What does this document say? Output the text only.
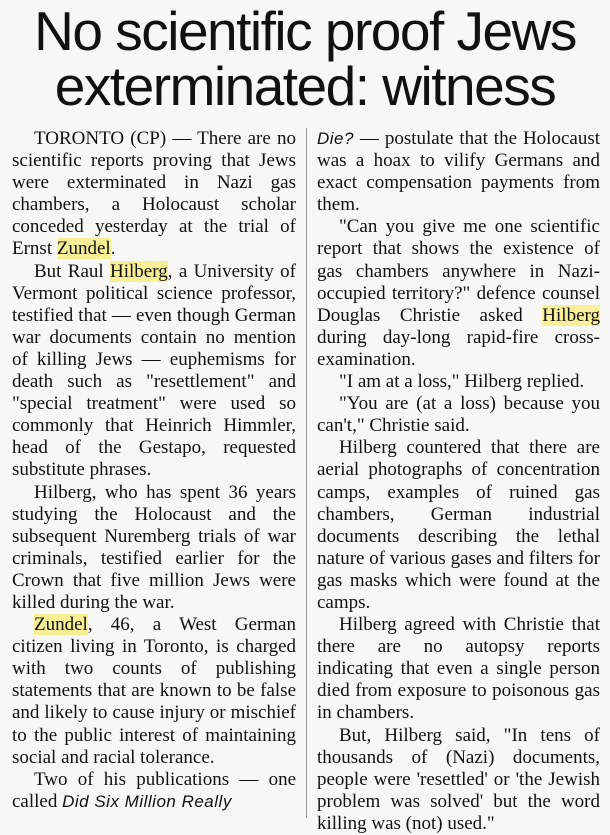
No scientific proof Jews
exterminated: witness

TORONTO (CP) — There are no scientific reports proving that Jews were exterminated in Nazi gas chambers, a Holocaust scholar conceded yesterday at the trial of Ernst Zundel.

But Raul Hilberg, a University of Vermont political science professor, testified that — even though German war documents contain no mention of killing Jews — euphemisms for death such as "resettlement" and "special treatment" were used so commonly that Heinrich Himmler, head of the Gestapo, requested substitute phrases.

Hilberg, who has spent 36 years studying the Holocaust and the subsequent Nuremberg trials of war criminals, testified earlier for the Crown that five million Jews were killed during the war.

Zundel, 46, a West German citizen living in Toronto, is charged with two counts of publishing statements that are known to be false and likely to cause injury or mischief to the public interest of maintaining social and racial tolerance.

Two of his publications — one called Did Six Million Really

Die? — postulate that the Holocaust was a hoax to vilify Germans and exact compensation payments from them.

"Can you give me one scientific report that shows the existence of gas chambers anywhere in Nazi-occupied territory?" defence counsel Douglas Christie asked Hilberg during day-long rapid-fire cross-examination.

"I am at a loss," Hilberg replied.

"You are (at a loss) because you can't," Christie said.

Hilberg countered that there are aerial photographs of concentration camps, examples of ruined gas chambers, German industrial documents describing the lethal nature of various gases and filters for gas masks which were found at the camps.

Hilberg agreed with Christie that there are no autopsy reports indicating that even a single person died from exposure to poisonous gas in chambers.

But, Hilberg said, "In tens of thousands of (Nazi) documents, people were 'resettled' or 'the Jewish problem was solved' but the word killing was (not) used."
